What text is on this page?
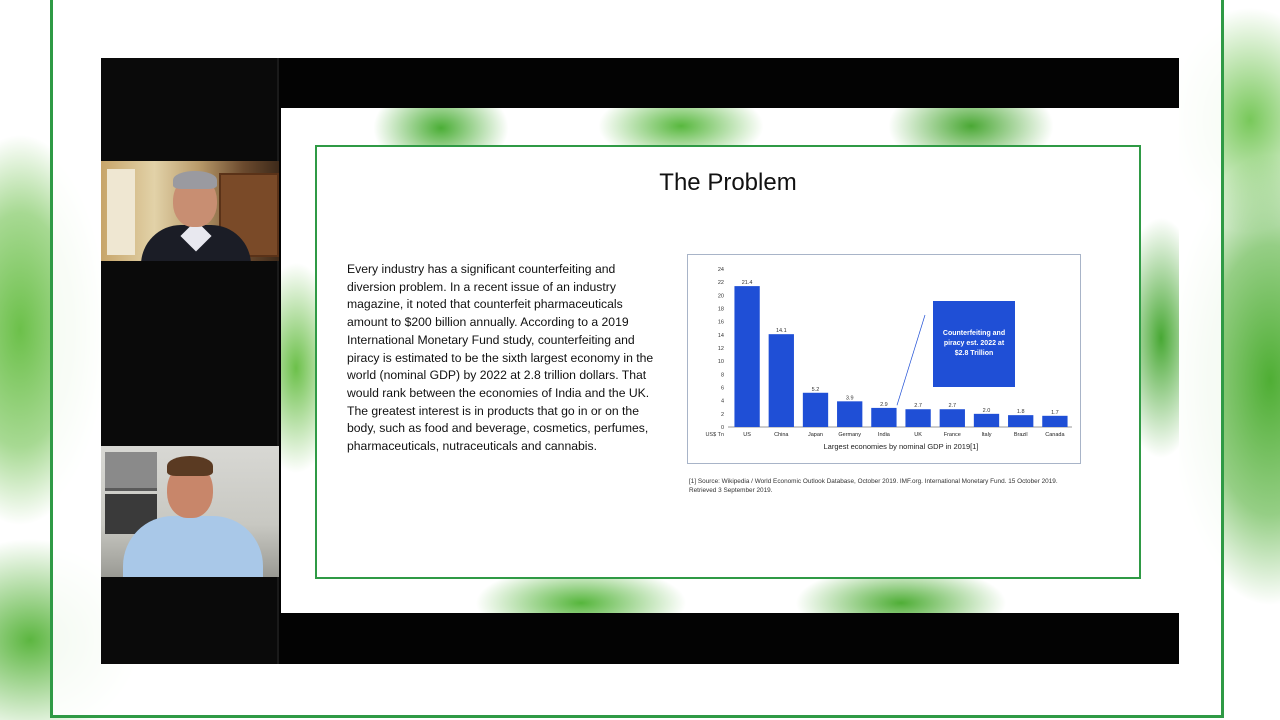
The Problem
Every industry has a significant counterfeiting and diversion problem. In a recent issue of an industry magazine, it noted that counterfeit pharmaceuticals amount to $200 billion annually. According to a 2019 International Monetary Fund study, counterfeiting and piracy is estimated to be the sixth largest economy in the world (nominal GDP) by 2022 at 2.8 trillion dollars. That would rank between the economies of India and the UK. The greatest interest is in products that go in or on the body, such as food and beverage, cosmetics, perfumes, pharmaceuticals, nutraceuticals and cannabis.
0
2
4
6
8
10
12
14
16
18
20
22
24
US$ Tn
21.4
US
14.1
China
5.2
Japan
3.9
Germany
2.9
India
2.7
UK
2.7
France
2.0
Italy
1.8
Brazil
1.7
Canada
Largest economies by nominal GDP in 2019[1]
Counterfeiting and piracy est. 2022 at $2.8 Trillion
[1] Source: Wikipedia / World Economic Outlook Database, October 2019. IMF.org. International Monetary Fund. 15 October 2019. Retrieved 3 September 2019.
